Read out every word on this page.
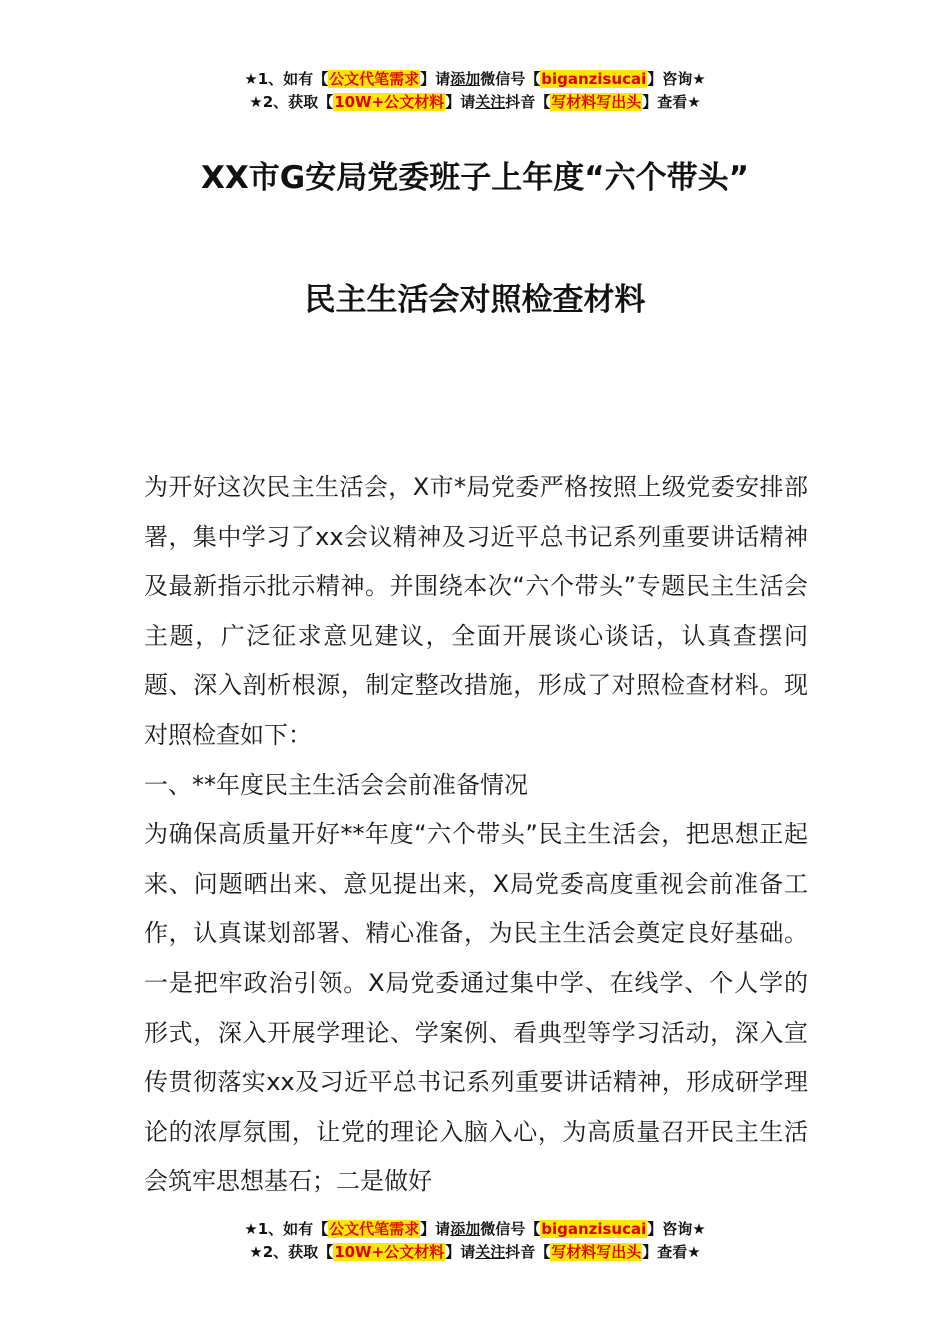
★1、如有【公文代笔需求】请添加微信号【biganzisucai】咨询★
★2、获取【10W+公文材料】请关注抖音【写材料写出头】查看★
XX市G安局党委班子上年度“六个带头”
民主生活会对照检查材料

为开好这次民主生活会，X市*局党委严格按照上级党委安排部署，集中学习了xx会议精神及习近平总书记系列重要讲话精神及最新指示批示精神。并围绕本次“六个带头”专题民主生活会主题，广泛征求意见建议，全面开展谈心谈话，认真查摆问题、深入剖析根源，制定整改措施，形成了对照检查材料。现对照检查如下：

一、**年度民主生活会会前准备情况

为确保高质量开好**年度“六个带头”民主生活会，把思想正起来、问题晒出来、意见提出来，X局党委高度重视会前准备工作，认真谋划部署、精心准备，为民主生活会奠定良好基础。一是把牢政治引领。X局党委通过集中学、在线学、个人学的形式，深入开展学理论、学案例、看典型等学习活动，深入宣传贯彻落实xx及习近平总书记系列重要讲话精神，形成研学理论的浓厚氛围，让党的理论入脑入心，为高质量召开民主生活会筑牢思想基石；二是做好

★1、如有【公文代笔需求】请添加微信号【biganzisucai】咨询★
★2、获取【10W+公文材料】请关注抖音【写材料写出头】查看★
